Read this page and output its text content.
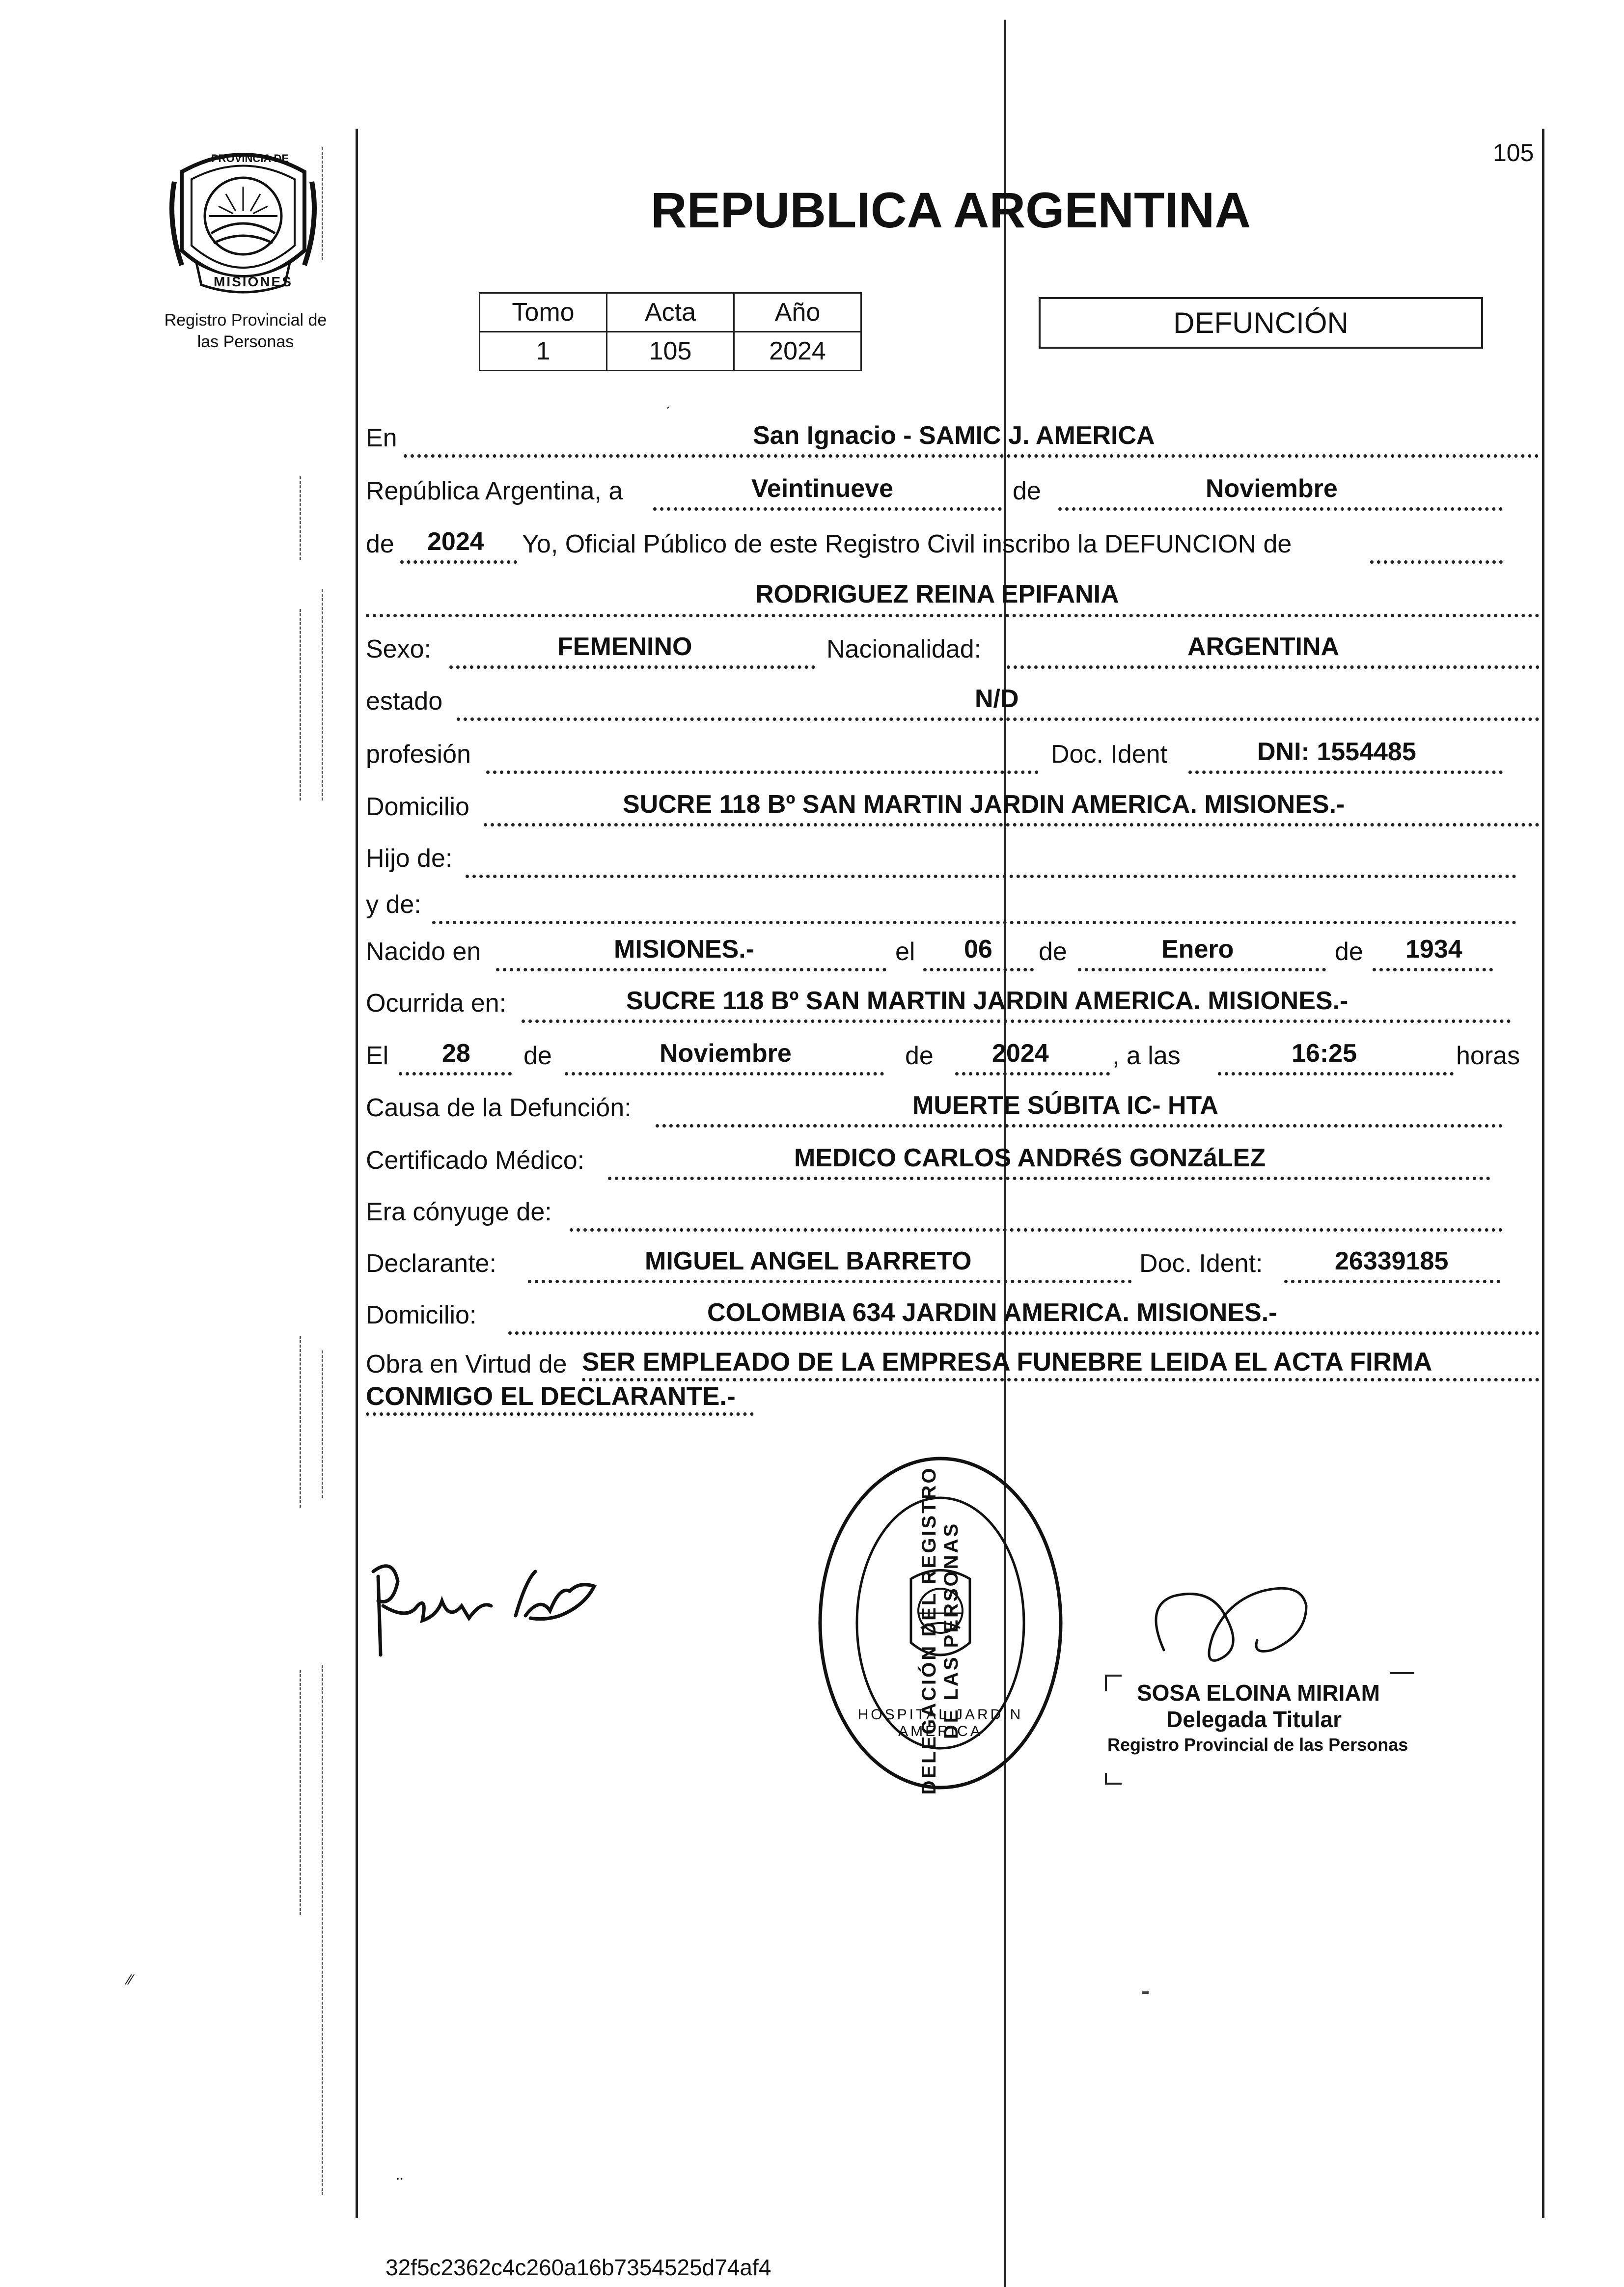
PROVINCIA DE
MISIONES
Registro Provincial de
las Personas
105
REPUBLICA ARGENTINA
Tomo	Acta	Año
1	105	2024
DEFUNCIÓN
ˏ
En	San Ignacio - SAMIC J. AMERICA
República Argentina, a	Veintinueve	de	Noviembre
de 2024 Yo, Oficial Público de este Registro Civil inscribo la DEFUNCION de
RODRIGUEZ REINA EPIFANIA
Sexo:	FEMENINO	Nacionalidad:	ARGENTINA
estado	N/D
profesión	Doc. Ident	DNI: 1554485
Domicilio	SUCRE 118 Bº SAN MARTIN JARDIN AMERICA. MISIONES.-
Hijo de:
y de:
Nacido en	MISIONES.-	el 06 de	Enero	de 1934
Ocurrida en:	SUCRE 118 Bº SAN MARTIN JARDIN AMERICA. MISIONES.-
El 28 de	Noviembre	de 2024 , a las	16:25	horas
Causa de la Defunción:	MUERTE SÚBITA IC- HTA
Certificado Médico:	MEDICO CARLOS ANDRéS GONZáLEZ
Era cónyuge de:
Declarante:	MIGUEL ANGEL BARRETO	Doc. Ident:	26339185
Domicilio:	COLOMBIA 634 JARDIN AMERICA. MISIONES.-
Obra en Virtud de SER EMPLEADO DE LA EMPRESA FUNEBRE LEIDA EL ACTA FIRMA
CONMIGO EL DECLARANTE.-
DELEGACIÓN DEL REGISTRO DE LAS PERSONAS
HOSPITAL JARDIN AMERICA
SOSA ELOINA MIRIAM
Delegada Titular
Registro Provincial de las Personas
⁄⁄
᠃
32f5c2362c4c260a16b7354525d74af4
